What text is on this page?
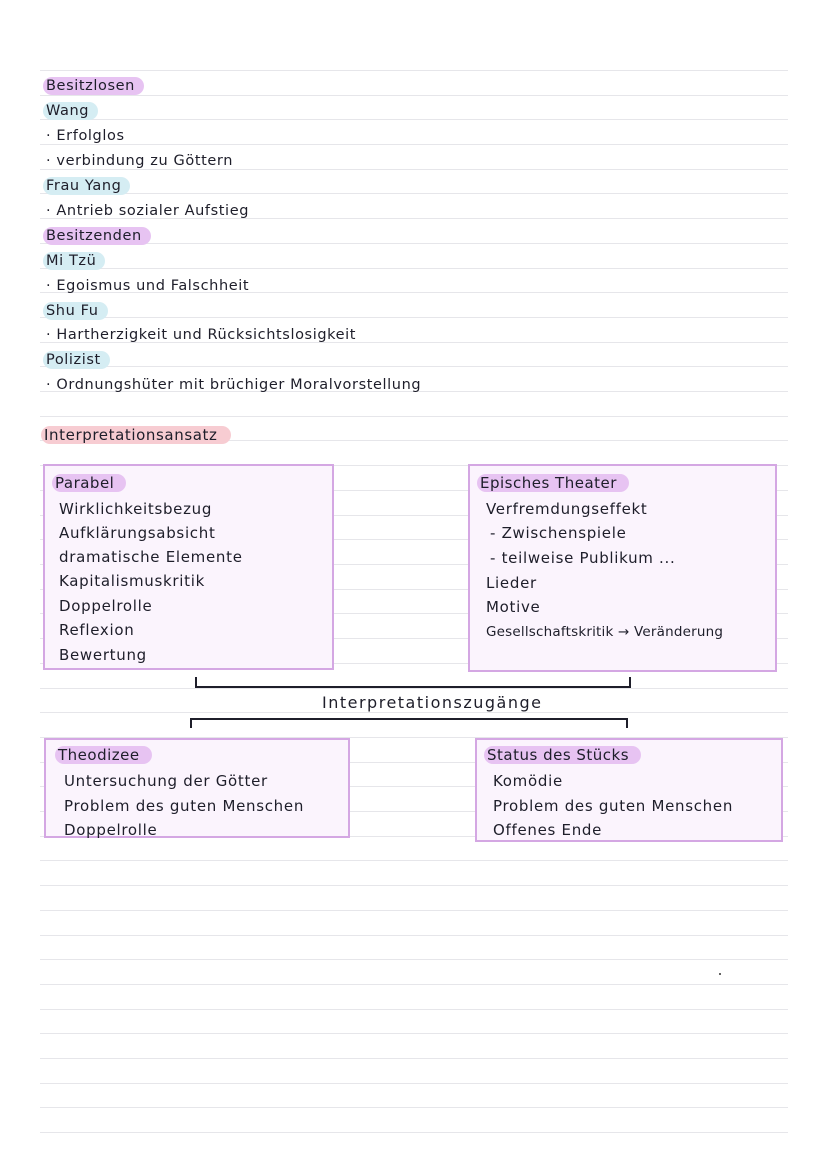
Besitzlosen
Wang
· Erfolglos
· verbindung zu Göttern
Frau Yang
· Antrieb sozialer Aufstieg
Besitzenden
Mi Tzü
· Egoismus und Falschheit
Shu Fu
· Hartherzigkeit und Rücksichtslosigkeit
Polizist
· Ordnungshüter mit brüchiger Moralvorstellung
Interpretationsansatz
Parabel
Wirklichkeitsbezug
Aufklärungsabsicht
dramatische Elemente
Kapitalismuskritik
Doppelrolle
Reflexion
Bewertung
Episches Theater
Verfremdungseffekt
- Zwischenspiele
- teilweise Publikum ...
Lieder
Motive
Gesellschaftskritik → Veränderung
Interpretationszugänge
Theodizee
Untersuchung der Götter
Problem des guten Menschen
Doppelrolle
Status des Stücks
Komödie
Problem des guten Menschen
Offenes Ende
